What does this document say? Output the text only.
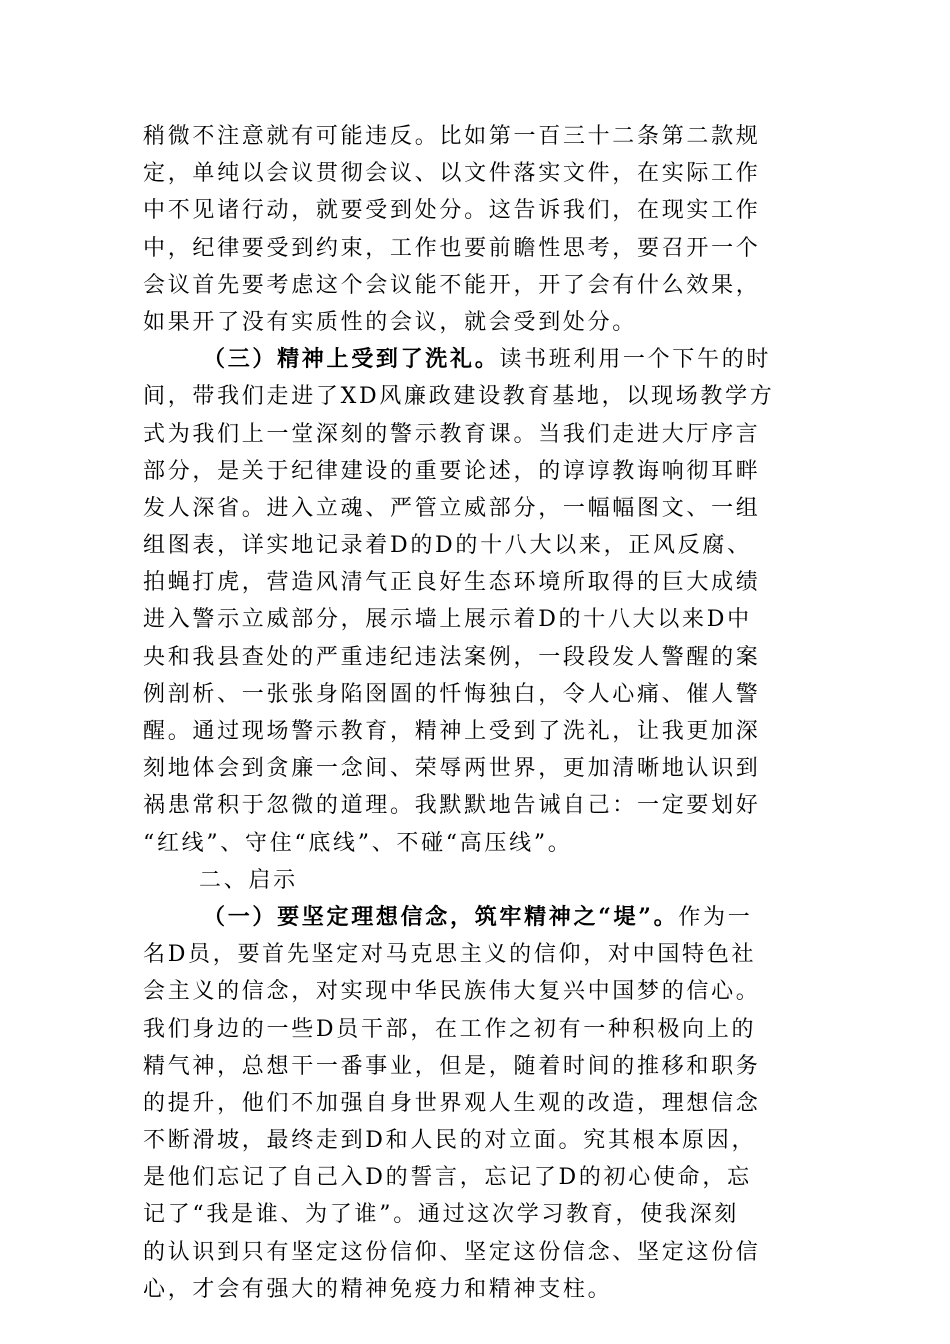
稍微不注意就有可能违反。比如第一百三十二条第二款规
定，单纯以会议贯彻会议、以文件落实文件，在实际工作
中不见诸行动，就要受到处分。这告诉我们，在现实工作
中，纪律要受到约束，工作也要前瞻性思考，要召开一个
会议首先要考虑这个会议能不能开，开了会有什么效果，
如果开了没有实质性的会议，就会受到处分。
（三）精神上受到了洗礼。读书班利用一个下午的时
间，带我们走进了XD风廉政建设教育基地，以现场教学方
式为我们上一堂深刻的警示教育课。当我们走进大厅序言
部分，是关于纪律建设的重要论述，的谆谆教诲响彻耳畔
发人深省。进入立魂、严管立威部分，一幅幅图文、一组
组图表，详实地记录着D的D的十八大以来，正风反腐、
拍蝇打虎，营造风清气正良好生态环境所取得的巨大成绩
进入警示立威部分，展示墙上展示着D的十八大以来D中
央和我县查处的严重违纪违法案例，一段段发人警醒的案
例剖析、一张张身陷囹圄的忏悔独白，令人心痛、催人警
醒。通过现场警示教育，精神上受到了洗礼，让我更加深
刻地体会到贪廉一念间、荣辱两世界，更加清晰地认识到
祸患常积于忽微的道理。我默默地告诫自己：一定要划好
“红线”、守住“底线”、不碰“高压线”。
二、启示
（一）要坚定理想信念，筑牢精神之“堤”。作为一
名D员，要首先坚定对马克思主义的信仰，对中国特色社
会主义的信念，对实现中华民族伟大复兴中国梦的信心。
我们身边的一些D员干部，在工作之初有一种积极向上的
精气神，总想干一番事业，但是，随着时间的推移和职务
的提升，他们不加强自身世界观人生观的改造，理想信念
不断滑坡，最终走到D和人民的对立面。究其根本原因，
是他们忘记了自己入D的誓言，忘记了D的初心使命，忘
记了“我是谁、为了谁”。通过这次学习教育，使我深刻
的认识到只有坚定这份信仰、坚定这份信念、坚定这份信
心，才会有强大的精神免疫力和精神支柱。
